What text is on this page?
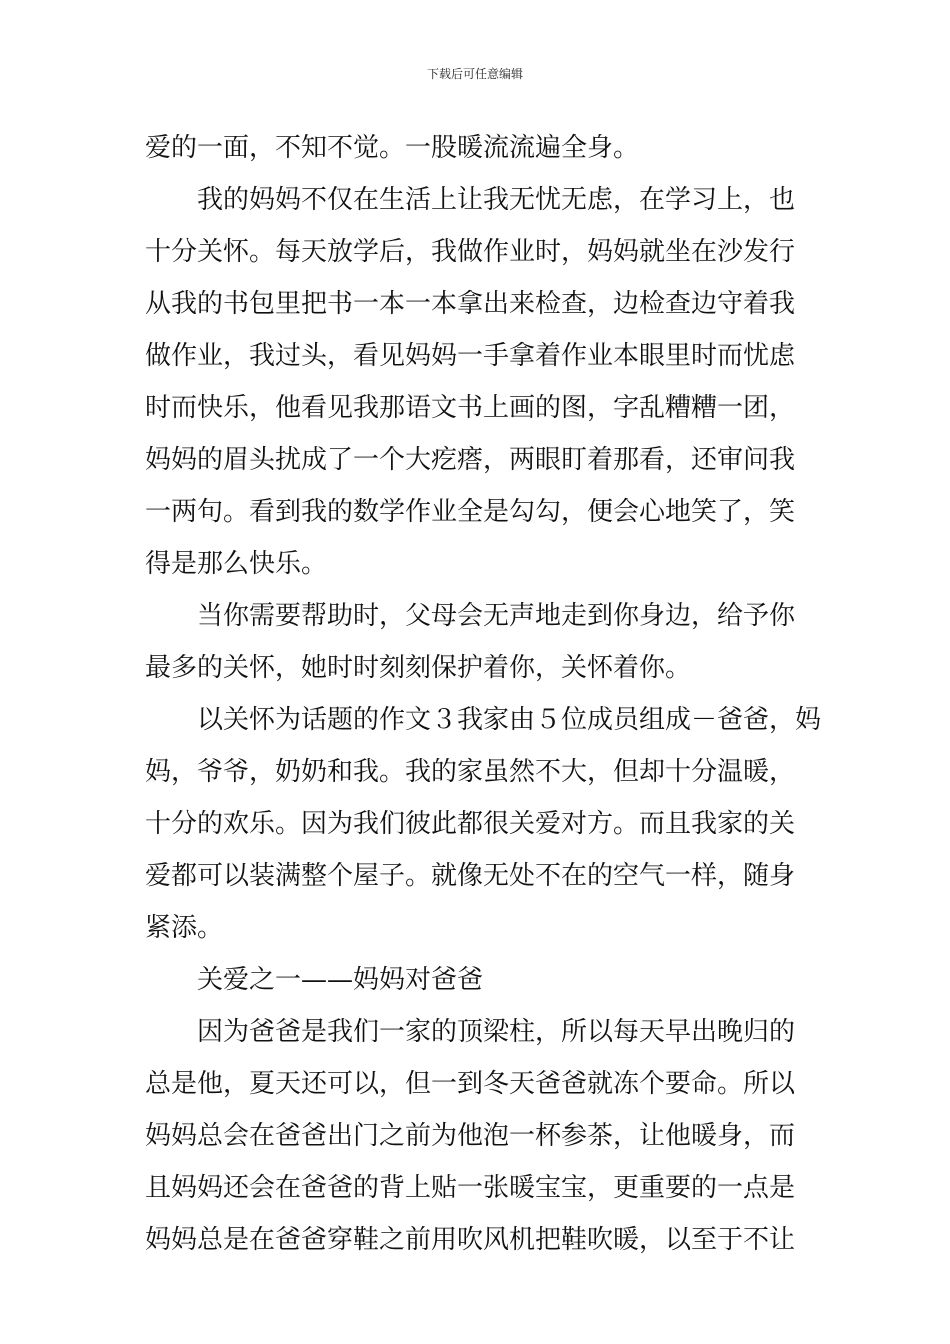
下载后可任意编辑
爱的一面，不知不觉。一股暖流流遍全身。
我的妈妈不仅在生活上让我无忧无虑，在学习上，也
十分关怀。每天放学后，我做作业时，妈妈就坐在沙发行
从我的书包里把书一本一本拿出来检查，边检查边守着我
做作业，我过头，看见妈妈一手拿着作业本眼里时而忧虑
时而快乐，他看见我那语文书上画的图，字乱糟糟一团，
妈妈的眉头扰成了一个大疙瘩，两眼盯着那看，还审问我
一两句。看到我的数学作业全是勾勾，便会心地笑了，笑
得是那么快乐。
当你需要帮助时，父母会无声地走到你身边，给予你
最多的关怀，她时时刻刻保护着你，关怀着你。
以关怀为话题的作文３我家由５位成员组成－爸爸，妈
妈，爷爷，奶奶和我。我的家虽然不大，但却十分温暖，
十分的欢乐。因为我们彼此都很关爱对方。而且我家的关
爱都可以装满整个屋子。就像无处不在的空气一样，随身
紧添。
关爱之一——妈妈对爸爸
因为爸爸是我们一家的顶梁柱，所以每天早出晚归的
总是他，夏天还可以，但一到冬天爸爸就冻个要命。所以
妈妈总会在爸爸出门之前为他泡一杯参茶，让他暖身，而
且妈妈还会在爸爸的背上贴一张暖宝宝，更重要的一点是
妈妈总是在爸爸穿鞋之前用吹风机把鞋吹暖，以至于不让
